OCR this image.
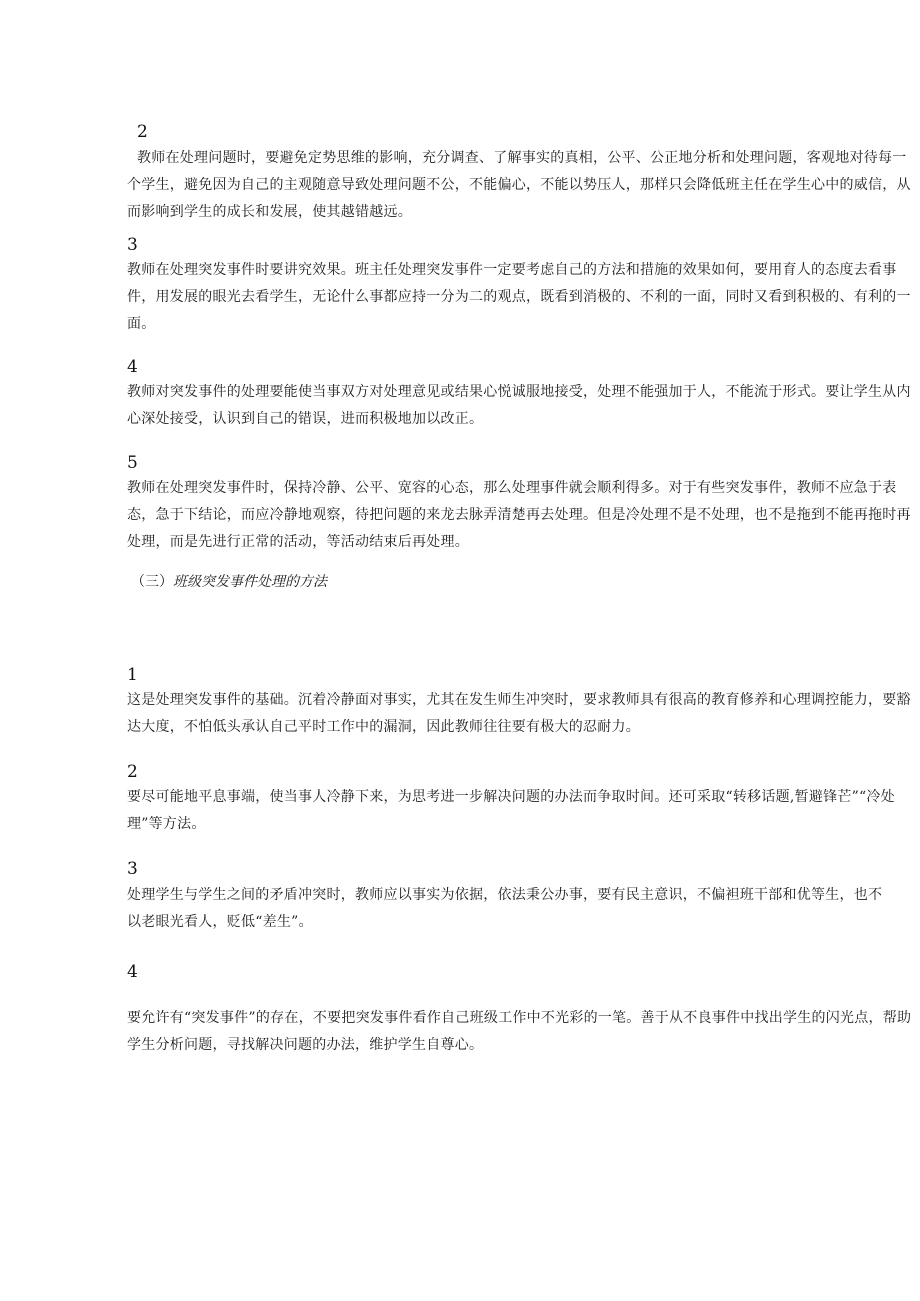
2

教师在处理问题时，要避免定势思维的影响，充分调查、了解事实的真相，公平、公正地分析和处理问题，客观地对待每一个学生，避免因为自己的主观随意导致处理问题不公，不能偏心，不能以势压人，那样只会降低班主任在学生心中的威信，从而影响到学生的成长和发展，使其越错越远。

3

教师在处理突发事件时要讲究效果。班主任处理突发事件一定要考虑自己的方法和措施的效果如何，要用育人的态度去看事件，用发展的眼光去看学生，无论什么事都应持一分为二的观点，既看到消极的、不利的一面，同时又看到积极的、有利的一面。

4

教师对突发事件的处理要能使当事双方对处理意见或结果心悦诚服地接受，处理不能强加于人，不能流于形式。要让学生从内心深处接受，认识到自己的错误，进而积极地加以改正。

5

教师在处理突发事件时，保持冷静、公平、宽容的心态，那么处理事件就会顺利得多。对于有些突发事件，教师不应急于表态，急于下结论，而应冷静地观察，待把问题的来龙去脉弄清楚再去处理。但是冷处理不是不处理，也不是拖到不能再拖时再处理，而是先进行正常的活动，等活动结束后再处理。

（三）班级突发事件处理的方法

1

这是处理突发事件的基础。沉着冷静面对事实，尤其在发生师生冲突时，要求教师具有很高的教育修养和心理调控能力，要豁达大度，不怕低头承认自己平时工作中的漏洞，因此教师往往要有极大的忍耐力。

2

要尽可能地平息事端，使当事人冷静下来，为思考进一步解决问题的办法而争取时间。还可采取“转移话题,暂避锋芒”“冷处理”等方法。

3

处理学生与学生之间的矛盾冲突时，教师应以事实为依据，依法秉公办事，要有民主意识，不偏袒班干部和优等生，也不以老眼光看人，贬低“差生”。

4

要允许有“突发事件”的存在，不要把突发事件看作自己班级工作中不光彩的一笔。善于从不良事件中找出学生的闪光点，帮助学生分析问题，寻找解决问题的办法，维护学生自尊心。
